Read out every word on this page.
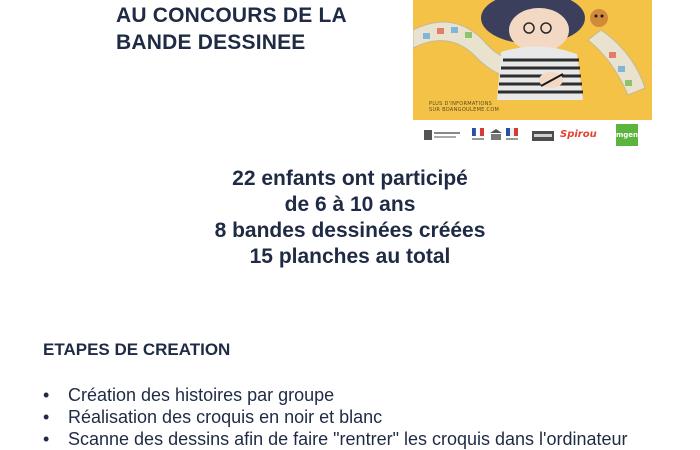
AU CONCOURS DE LA
BANDE DESSINEE
PLUS D'INFORMATIONS
SUR BDANGOULEME.COM
Spirou	mgen
22 enfants ont participé
de 6 à 10 ans
8 bandes dessinées créées
15 planches au total
ETAPES DE CREATION
• Création des histoires par groupe
• Réalisation des croquis en noir et blanc
• Scanne des dessins afin de faire "rentrer" les croquis dans l'ordinateur
